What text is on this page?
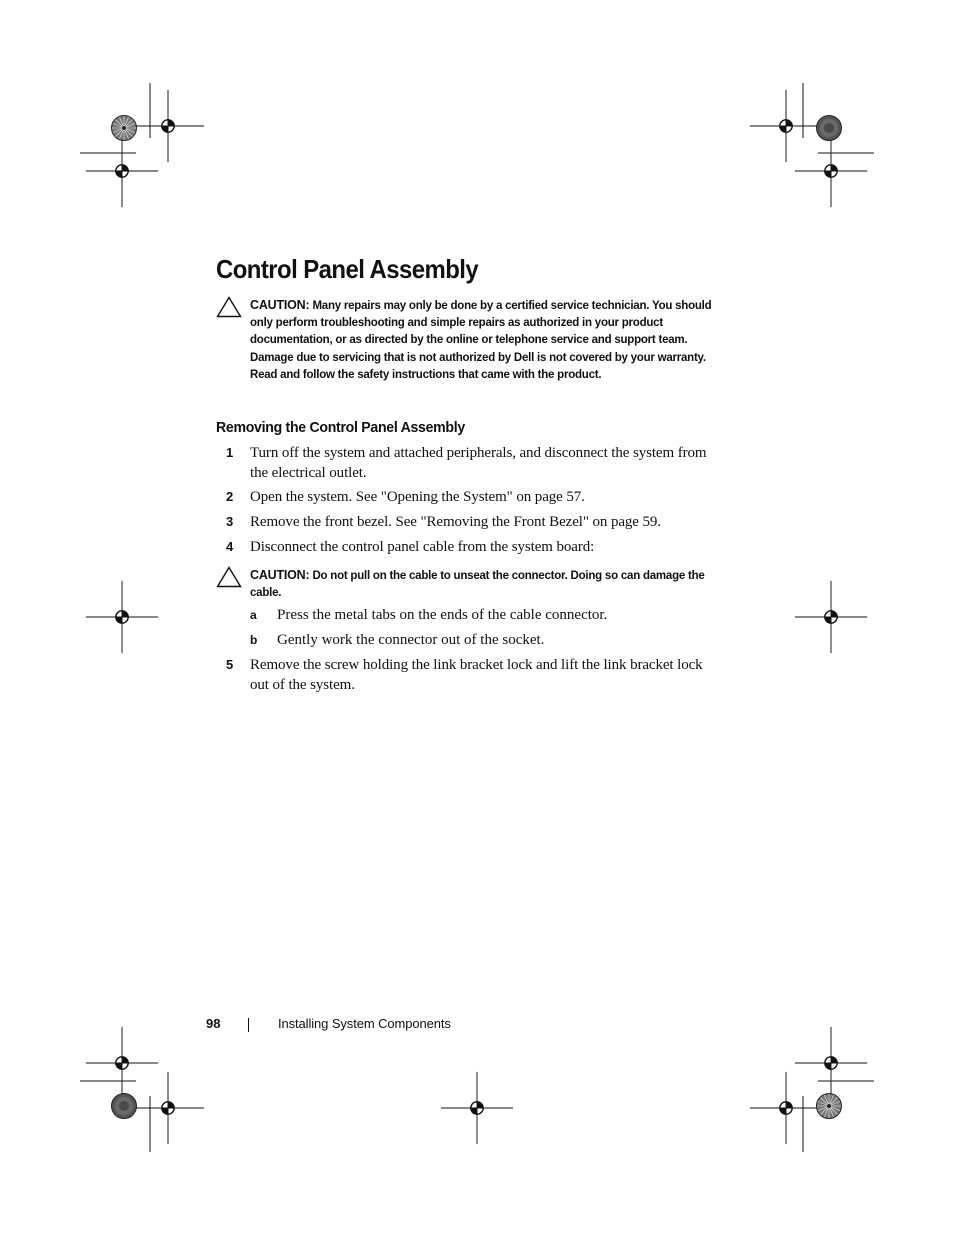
Control Panel Assembly
CAUTION: Many repairs may only be done by a certified service technician. You should only perform troubleshooting and simple repairs as authorized in your product documentation, or as directed by the online or telephone service and support team. Damage due to servicing that is not authorized by Dell is not covered by your warranty. Read and follow the safety instructions that came with the product.
Removing the Control Panel Assembly
1 Turn off the system and attached peripherals, and disconnect the system from the electrical outlet.
2 Open the system. See "Opening the System" on page 57.
3 Remove the front bezel. See "Removing the Front Bezel" on page 59.
4 Disconnect the control panel cable from the system board:
CAUTION: Do not pull on the cable to unseat the connector. Doing so can damage the cable.
a Press the metal tabs on the ends of the cable connector.
b Gently work the connector out of the socket.
5 Remove the screw holding the link bracket lock and lift the link bracket lock out of the system.
98	Installing System Components
